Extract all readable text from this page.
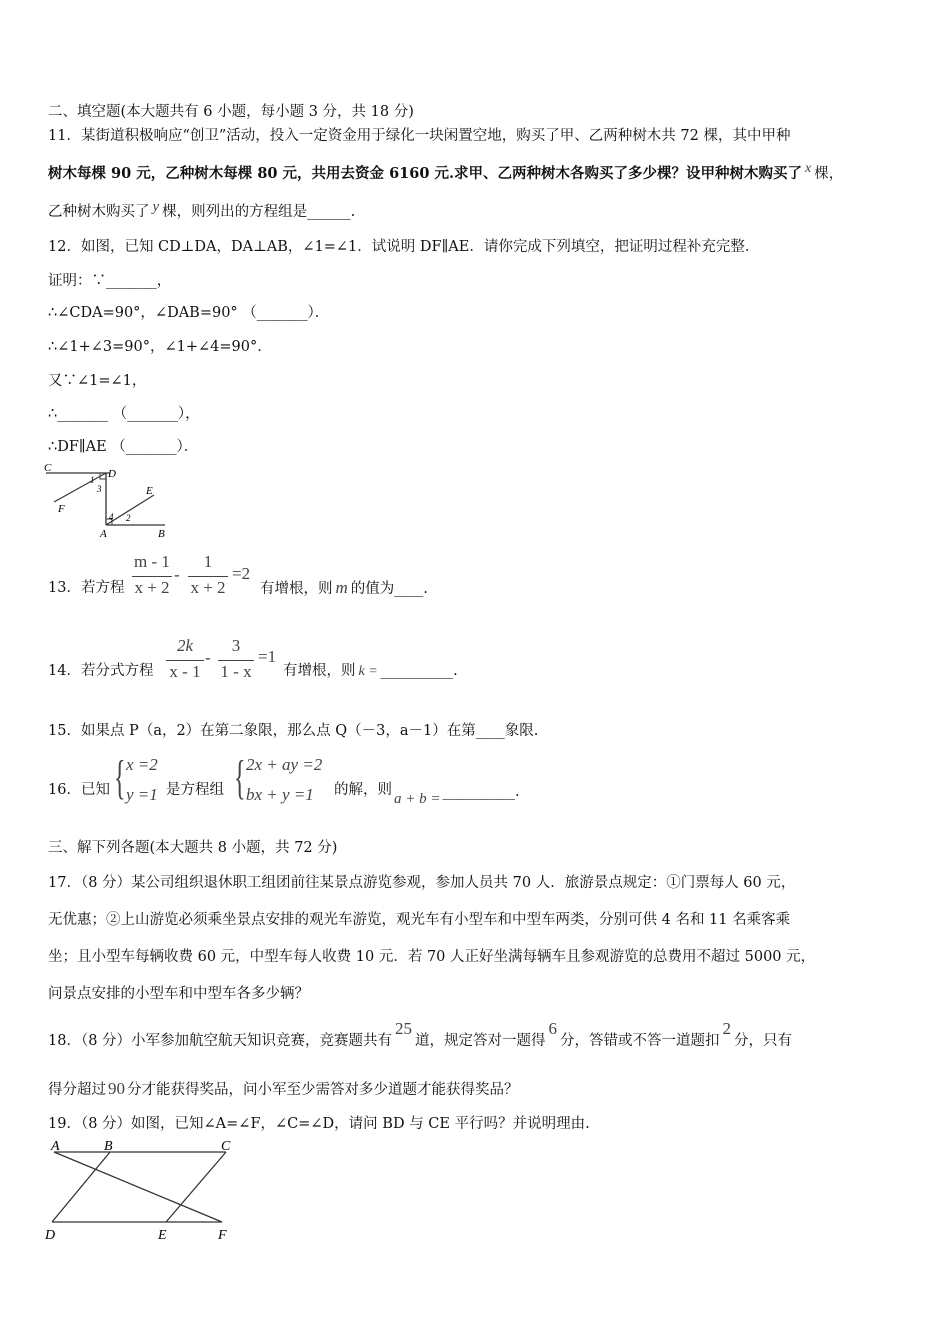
二、填空题(本大题共有 6 小题，每小题 3 分，共 18 分)
11．某街道积极响应“创卫”活动，投入一定资金用于绿化一块闲置空地，购买了甲、乙两种树木共 72 棵，其中甲种
树木每棵 90 元，乙种树木每棵 80 元，共用去资金 6160 元.求甲、乙两种树木各购买了多少棵？设甲种树木购买了 x 棵，
乙种树木购买了 y 棵，则列出的方程组是______.
12．如图，已知 CD⊥DA，DA⊥AB，∠1=∠1．试说明 DF∥AE．请你完成下列填空，把证明过程补充完整．
证明：∵_______，
∴∠CDA=90°，∠DAB=90° （_______）．
∴∠1+∠3=90°，∠1+∠4=90°．
又∵∠1=∠1，
∴_______ （_______），
∴DF∥AE （_______）．
C	D
F
E
A	B
1
3
4 2
13．若方程
m - 1
x + 2
-
1
x + 2
=2
有增根，则 m 的值为____.
14．若分式方程
2k
x - 1
-
3
1 - x
=1
有增根，则 k = __________.
15．如果点 P（a，2）在第二象限，那么点 Q（－3，a－1）在第____象限.
16．已知 { x =2
y =1 是方程组 { 2x + ay =2
bx + y =1 的解，则a + b = __________.
三、解下列各题(本大题共 8 小题，共 72 分)
17．（8 分）某公司组织退休职工组团前往某景点游览参观，参加人员共 70 人．旅游景点规定：①门票每人 60 元，
无优惠；②上山游览必须乘坐景点安排的观光车游览，观光车有小型车和中型车两类，分别可供 4 名和 11 名乘客乘
坐；且小型车每辆收费 60 元，中型车每人收费 10 元．若 70 人正好坐满每辆车且参观游览的总费用不超过 5000 元，
问景点安排的小型车和中型车各多少辆？
18．（8 分）小军参加航空航天知识竞赛，竞赛题共有25道，规定答对一题得6分，答错或不答一道题扣2分，只有
得分超过 90 分才能获得奖品，问小军至少需答对多少道题才能获得奖品？
19．（8 分）如图，已知∠A=∠F，∠C=∠D，请问 BD 与 CE 平行吗？并说明理由.
A	B	C
D	E	F
